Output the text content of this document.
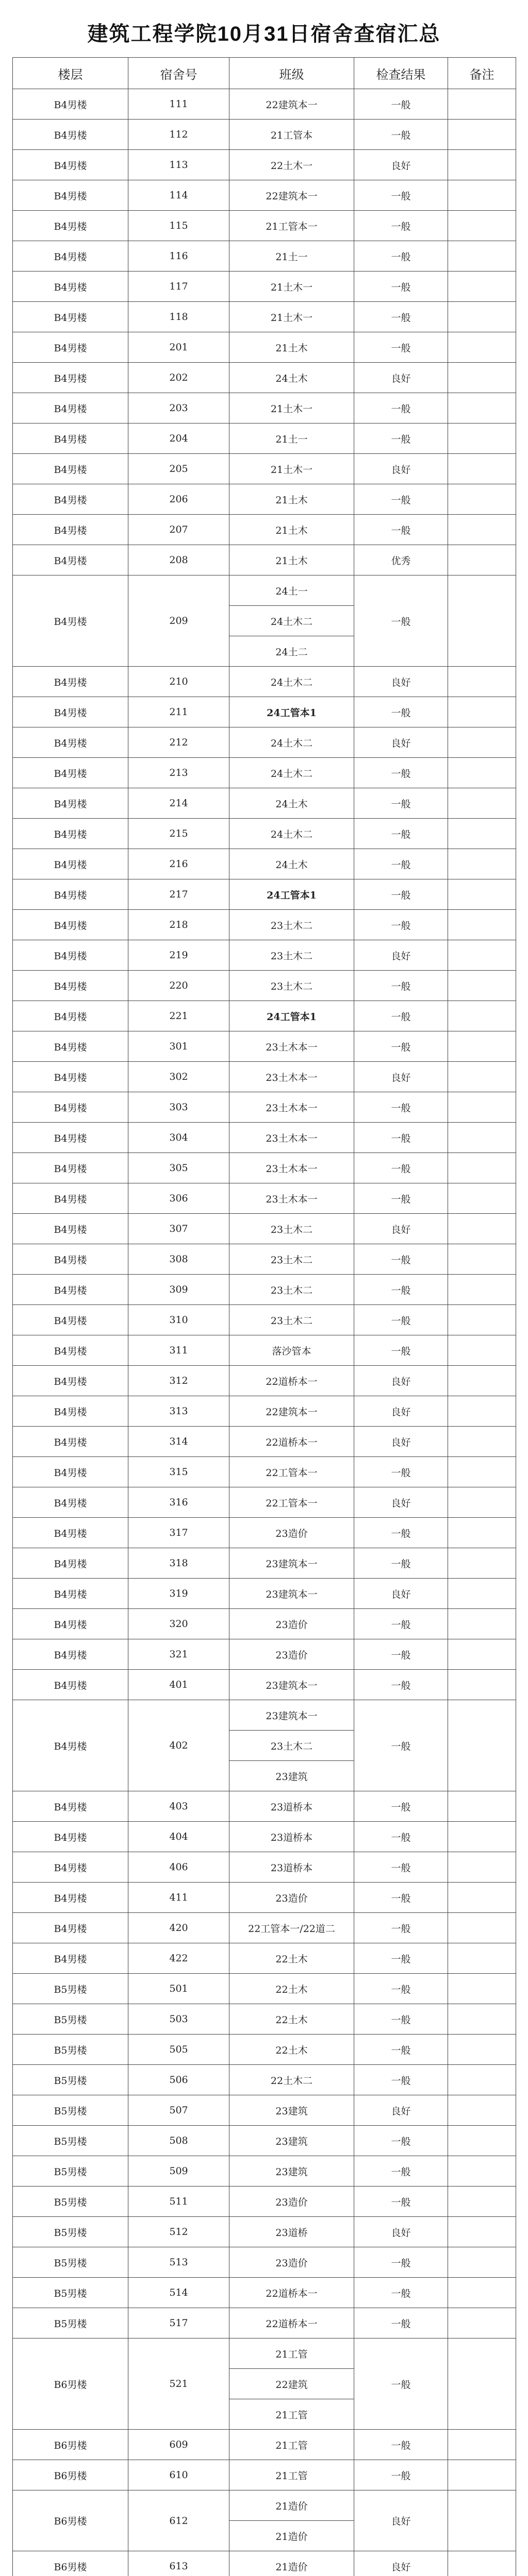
建筑工程学院10月31日宿舍查宿汇总
楼层	宿舍号	班级	检查结果	备注
B4男楼	111	22建筑本一	一般	
B4男楼	112	21工管本	一般	
B4男楼	113	22土木一	良好	
B4男楼	114	22建筑本一	一般	
B4男楼	115	21工管本一	一般	
B4男楼	116	21土一	一般	
B4男楼	117	21土木一	一般	
B4男楼	118	21土木一	一般	
B4男楼	201	21土木	一般	
B4男楼	202	24土木	良好	
B4男楼	203	21土木一	一般	
B4男楼	204	21土一	一般	
B4男楼	205	21土木一	良好	
B4男楼	206	21土木	一般	
B4男楼	207	21土木	一般	
B4男楼	208	21土木	优秀	
B4男楼	209	24土一	一般	
		24土木二		
		24土二		
B4男楼	210	24土木二	良好	
B4男楼	211	24工管本1	一般	
B4男楼	212	24土木二	良好	
B4男楼	213	24土木二	一般	
B4男楼	214	24土木	一般	
B4男楼	215	24土木二	一般	
B4男楼	216	24土木	一般	
B4男楼	217	24工管本1	一般	
B4男楼	218	23土木二	一般	
B4男楼	219	23土木二	良好	
B4男楼	220	23土木二	一般	
B4男楼	221	24工管本1	一般	
B4男楼	301	23土木本一	一般	
B4男楼	302	23土木本一	良好	
B4男楼	303	23土木本一	一般	
B4男楼	304	23土木本一	一般	
B4男楼	305	23土木本一	一般	
B4男楼	306	23土木本一	一般	
B4男楼	307	23土木二	良好	
B4男楼	308	23土木二	一般	
B4男楼	309	23土木二	一般	
B4男楼	310	23土木二	一般	
B4男楼	311	落沙管本	一般	
B4男楼	312	22道桥本一	良好	
B4男楼	313	22建筑本一	良好	
B4男楼	314	22道桥本一	良好	
B4男楼	315	22工管本一	一般	
B4男楼	316	22工管本一	良好	
B4男楼	317	23造价	一般	
B4男楼	318	23建筑本一	一般	
B4男楼	319	23建筑本一	良好	
B4男楼	320	23造价	一般	
B4男楼	321	23造价	一般	
B4男楼	401	23建筑本一	一般	
B4男楼	402	23建筑本一	一般	
		23土木二		
		23建筑		
B4男楼	403	23道桥本	一般	
B4男楼	404	23道桥本	一般	
B4男楼	406	23道桥本	一般	
B4男楼	411	23造价	一般	
B4男楼	420	22工管本一/22道二	一般	
B4男楼	422	22土木	一般	
B5男楼	501	22土木	一般	
B5男楼	503	22土木	一般	
B5男楼	505	22土木	一般	
B5男楼	506	22土木二	一般	
B5男楼	507	23建筑	良好	
B5男楼	508	23建筑	一般	
B5男楼	509	23建筑	一般	
B5男楼	511	23造价	一般	
B5男楼	512	23道桥	良好	
B5男楼	513	23造价	一般	
B5男楼	514	22道桥本一	一般	
B5男楼	517	22道桥本一	一般	
B6男楼	521	21工管	一般	
		22建筑		
		21工管		
B6男楼	609	21工管	一般	
B6男楼	610	21工管	一般	
B6男楼	612	21造价	良好	
		21造价		
B6男楼	613	21造价	良好	
